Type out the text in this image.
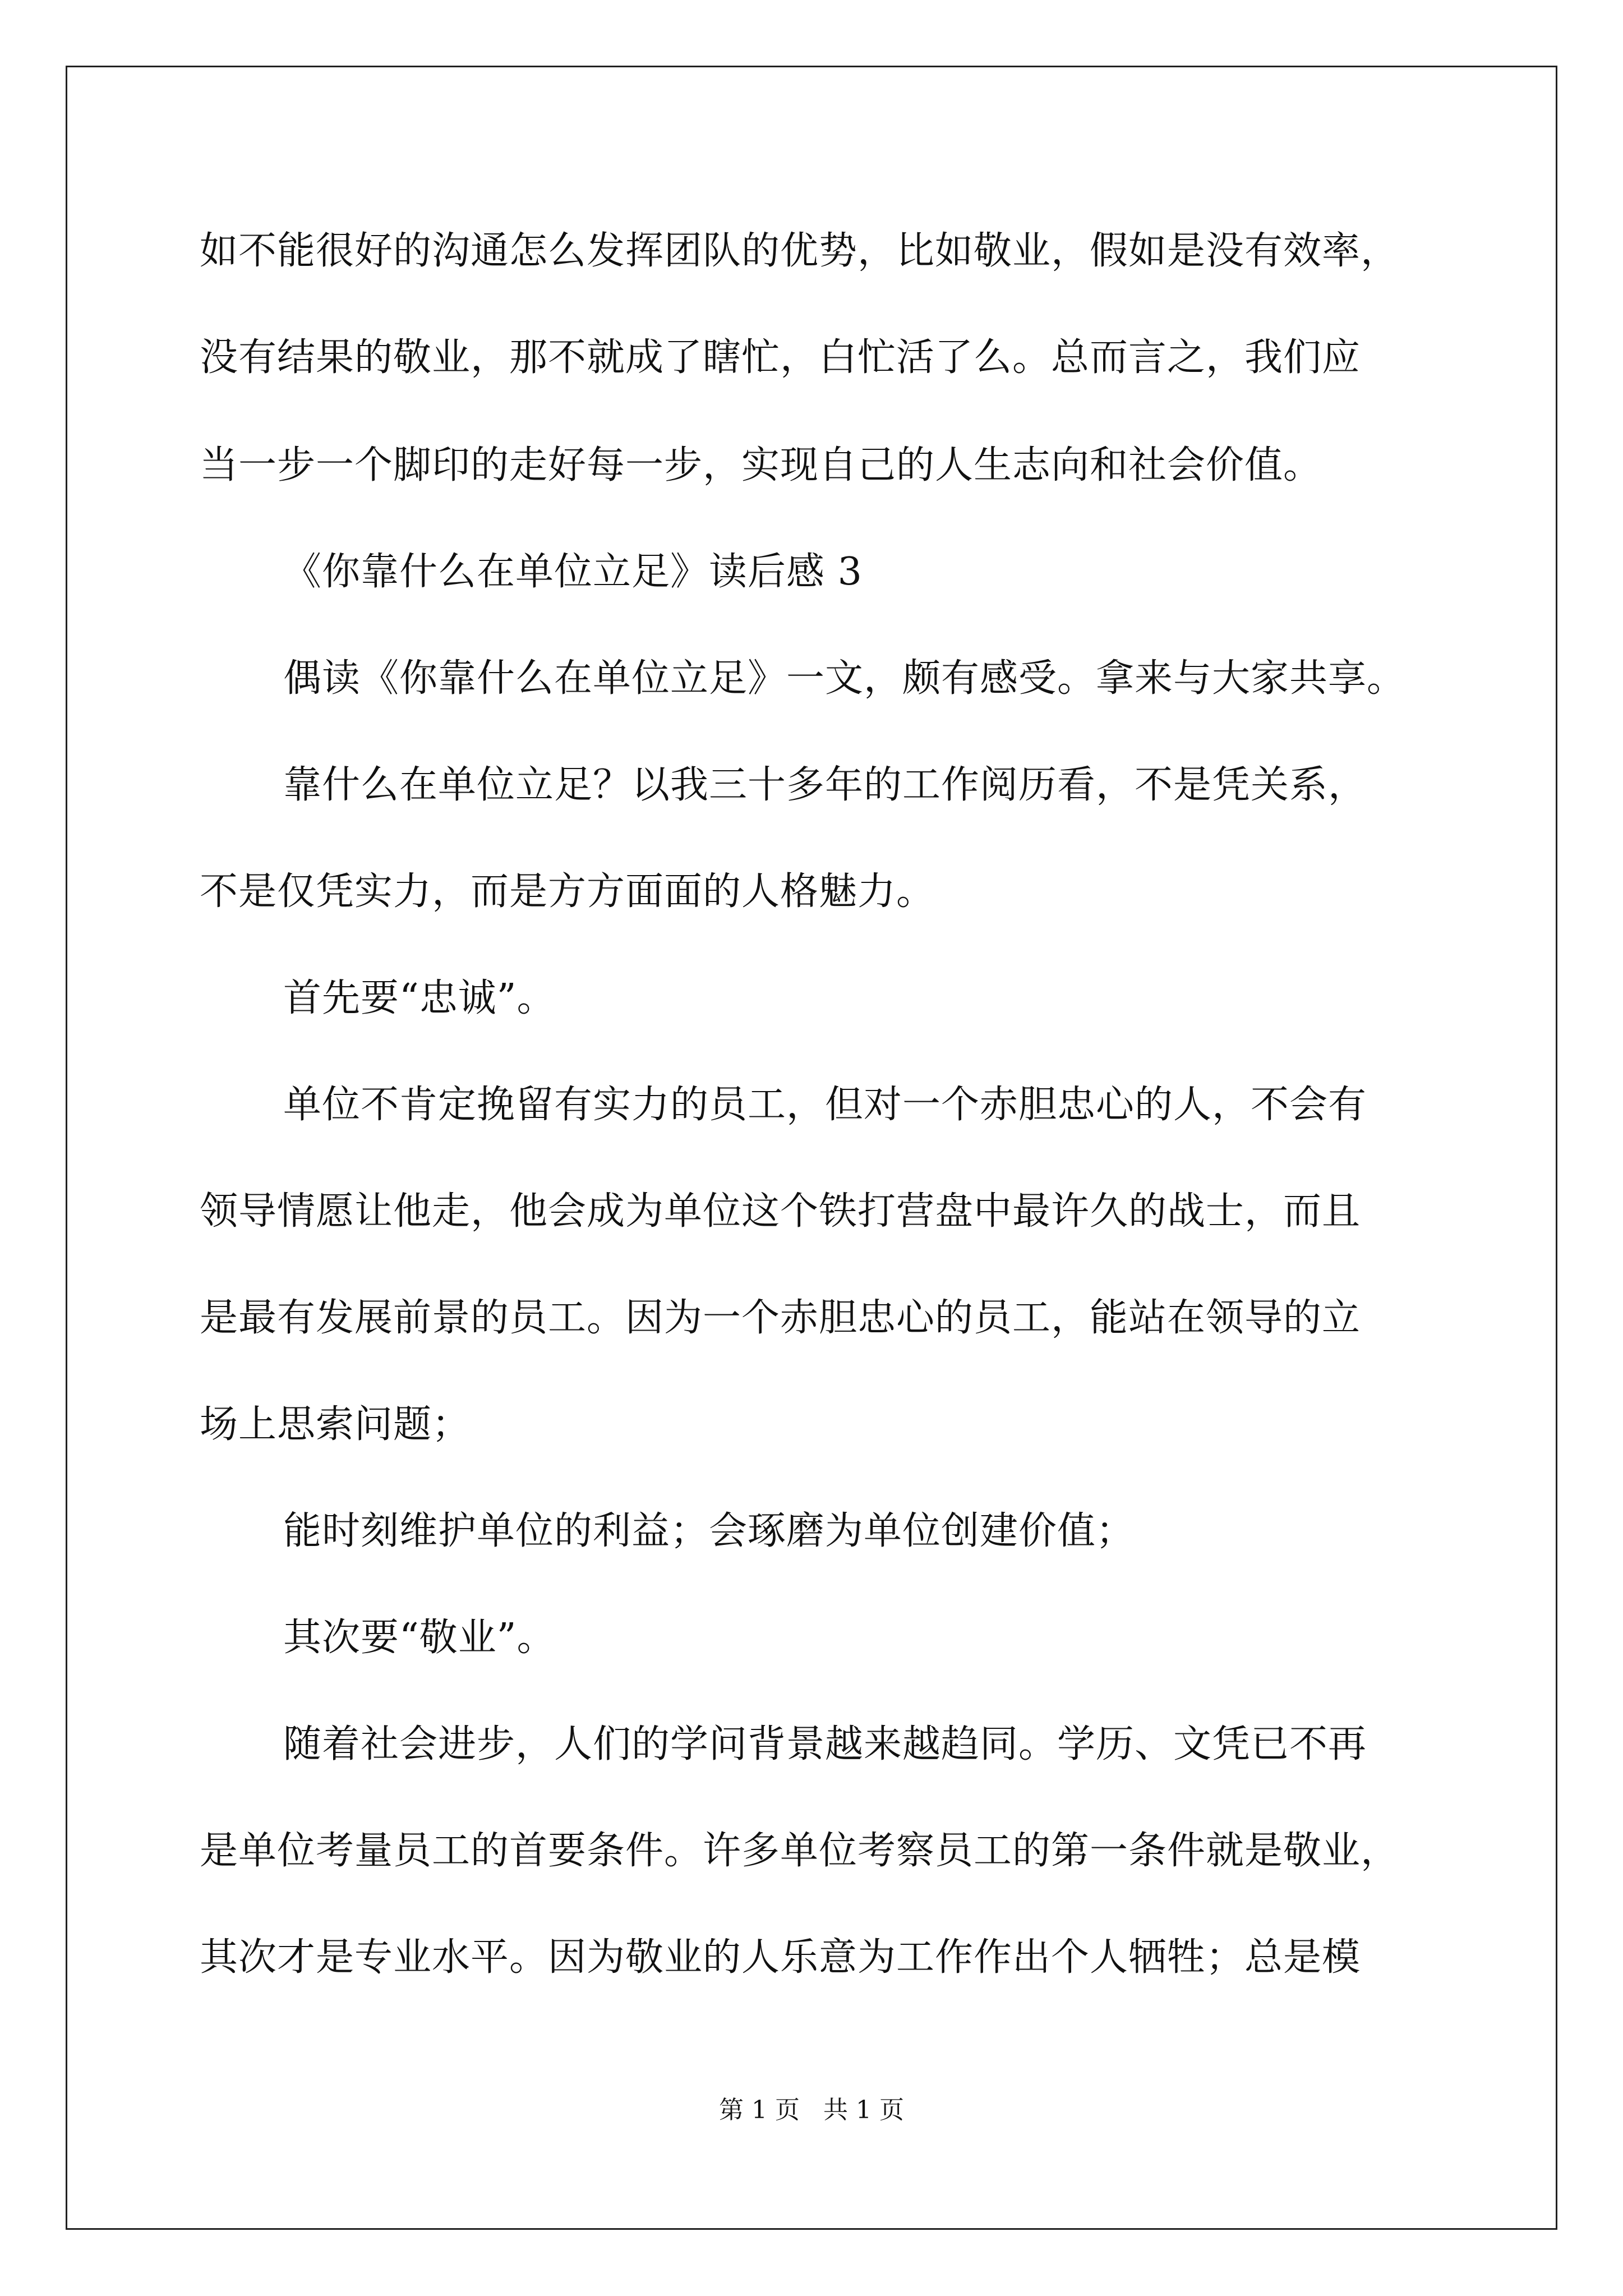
如不能很好的沟通怎么发挥团队的优势，比如敬业，假如是没有效率，
没有结果的敬业，那不就成了瞎忙，白忙活了么。总而言之，我们应
当一步一个脚印的走好每一步，实现自己的人生志向和社会价值。
《你靠什么在单位立足》读后感 3
偶读《你靠什么在单位立足》一文，颇有感受。拿来与大家共享。
靠什么在单位立足？以我三十多年的工作阅历看，不是凭关系，
不是仅凭实力，而是方方面面的人格魅力。
首先要“忠诚”。
单位不肯定挽留有实力的员工，但对一个赤胆忠心的人，不会有
领导情愿让他走，他会成为单位这个铁打营盘中最许久的战士，而且
是最有发展前景的员工。因为一个赤胆忠心的员工，能站在领导的立
场上思索问题；
能时刻维护单位的利益；会琢磨为单位创建价值；
其次要“敬业”。
随着社会进步，人们的学问背景越来越趋同。学历、文凭已不再
是单位考量员工的首要条件。许多单位考察员工的第一条件就是敬业，
其次才是专业水平。因为敬业的人乐意为工作作出个人牺牲；总是模
第 1 页   共 1 页
